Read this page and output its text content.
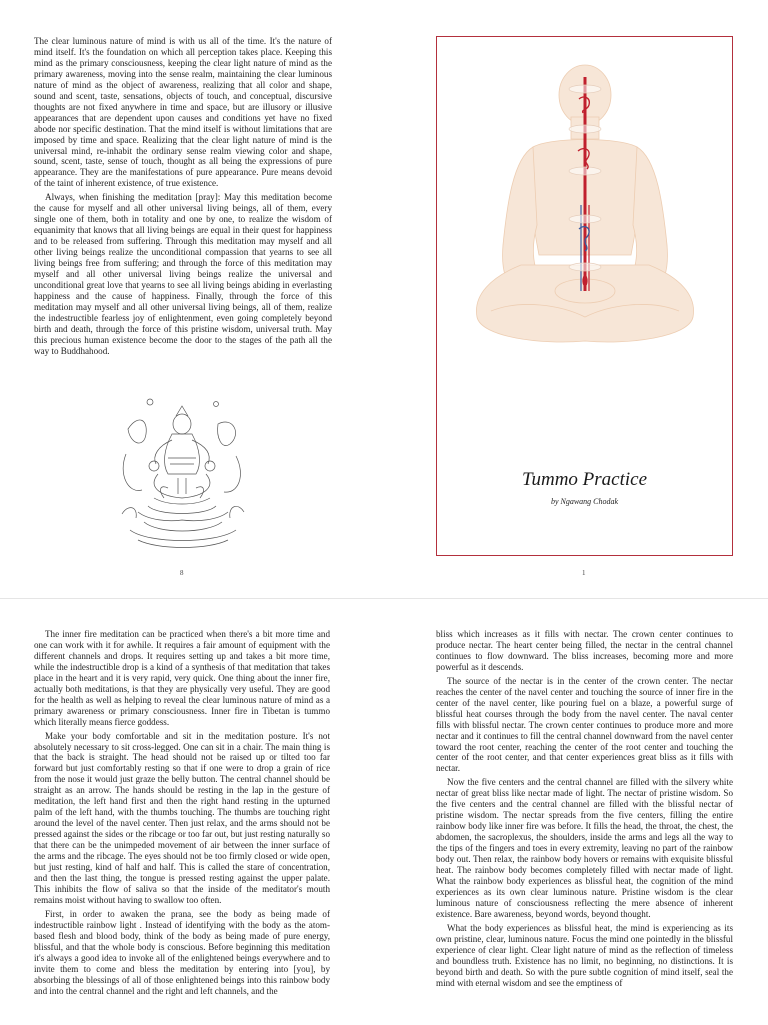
The clear luminous nature of mind is with us all of the time. It's the nature of mind itself. It's the foundation on which all perception takes place. Keeping this mind as the primary consciousness, keeping the clear light nature of mind as the primary awareness, moving into the sense realm, maintaining the clear luminous nature of mind as the object of awareness, realizing that all color and shape, sound and scent, taste, sensations, objects of touch, and conceptual, discursive thoughts are not fixed anywhere in time and space, but are illusory or illusive appearances that are dependent upon causes and conditions yet have no fixed abode nor specific destination. That the mind itself is without limitations that are imposed by time and space. Realizing that the clear light nature of mind is the universal mind, re-inhabit the ordinary sense realm viewing color and shape, sound, scent, taste, sense of touch, thought as all being the expressions of pure appearance. They are the manifestations of pure appearance. Pure means devoid of the taint of inherent existence, of true existence.

Always, when finishing the meditation [pray]: May this meditation become the cause for myself and all other universal living beings, all of them, every single one of them, both in totality and one by one, to realize the wisdom of equanimity that knows that all living beings are equal in their quest for happiness and to be released from suffering. Through this meditation may myself and all other living beings realize the unconditional compassion that yearns to see all living beings free from suffering; and through the force of this meditation may myself and all other universal living beings realize the universal and unconditional great love that yearns to see all living beings abiding in everlasting happiness and the cause of happiness. Finally, through the force of this meditation may myself and all other universal living beings, all of them, realize the indestructible fearless joy of enlightenment, even going completely beyond birth and death, through the force of this pristine wisdom, universal truth. May this precious human existence become the door to the stages of the path all the way to Buddhahood.

8
Tummo Practice
by Ngawang Chodak
1

The inner fire meditation can be practiced when there's a bit more time and one can work with it for awhile. It requires a fair amount of equipment with the different channels and drops. It requires setting up and takes a bit more time, while the indestructible drop is a kind of a synthesis of that meditation that takes place in the heart and it is very rapid, very quick. One thing about the inner fire, actually both meditations, is that they are physically very useful. They are good for the health as well as helping to reveal the clear luminous nature of mind as a primary awareness or primary consciousness. Inner fire in Tibetan is tummo which literally means fierce goddess.

Make your body comfortable and sit in the meditation posture. It's not absolutely necessary to sit cross-legged. One can sit in a chair. The main thing is that the back is straight. The head should not be raised up or tilted too far forward but just comfortably resting so that if one were to drop a grain of rice from the nose it would just graze the belly button. The central channel should be straight as an arrow. The hands should be resting in the lap in the gesture of meditation, the left hand first and then the right hand resting in the upturned palm of the left hand, with the thumbs touching. The thumbs are touching right around the level of the navel center. Then just relax, and the arms should not be pressed against the sides or the ribcage or too far out, but just resting naturally so that there can be the unimpeded movement of air between the inner surface of the arms and the ribcage. The eyes should not be too firmly closed or wide open, but just resting, kind of half and half. This is called the stare of concentration, and then the last thing, the tongue is pressed resting against the upper palate. This inhibits the flow of saliva so that the inside of the meditator's mouth remains moist without having to swallow too often.

First, in order to awaken the prana, see the body as being made of indestructible rainbow light . Instead of identifying with the body as the atom-based flesh and blood body, think of the body as being made of pure energy, blissful, and that the whole body is conscious. Before beginning this meditation it's always a good idea to invoke all of the enlightened beings everywhere and to invite them to come and bless the meditation by entering into [you], by absorbing the blessings of all of those enlightened beings into this rainbow body and into the central channel and the right and left channels, and the

bliss which increases as it fills with nectar. The crown center continues to produce nectar. The heart center being filled, the nectar in the central channel continues to flow downward. The bliss increases, becoming more and more powerful as it descends.

The source of the nectar is in the center of the crown center. The nectar reaches the center of the navel center and touching the source of inner fire in the center of the navel center, like pouring fuel on a blaze, a powerful surge of blissful heat courses through the body from the navel center. The naval center fills with blissful nectar. The crown center continues to produce more and more nectar and it continues to fill the central channel downward from the navel center toward the root center, reaching the center of the root center and touching the center of the root center, and that center experiences great bliss as it fills with nectar.

Now the five centers and the central channel are filled with the silvery white nectar of great bliss like nectar made of light. The nectar of pristine wisdom. So the five centers and the central channel are filled with the blissful nectar of pristine wisdom. The nectar spreads from the five centers, filling the entire rainbow body like inner fire was before. It fills the head, the throat, the chest, the abdomen, the sacroplexus, the shoulders, inside the arms and legs all the way to the tips of the fingers and toes in every extremity, leaving no part of the rainbow body out. Then relax, the rainbow body hovers or remains with exquisite blissful heat. The rainbow body becomes completely filled with nectar made of light. What the rainbow body experiences as blissful heat, the cognition of the mind experiences as its own clear luminous nature. Pristine wisdom is the clear luminous nature of consciousness reflecting the mere absence of inherent existence. Bare awareness, beyond words, beyond thought.

What the body experiences as blissful heat, the mind is experiencing as its own pristine, clear, luminous nature. Focus the mind one pointedly in the blissful experience of clear light. Clear light nature of mind as the reflection of timeless and boundless truth. Existence has no limit, no beginning, no distinctions. It is beyond birth and death. So with the pure subtle cognition of mind itself, seal the mind with eternal wisdom and see the emptiness of
